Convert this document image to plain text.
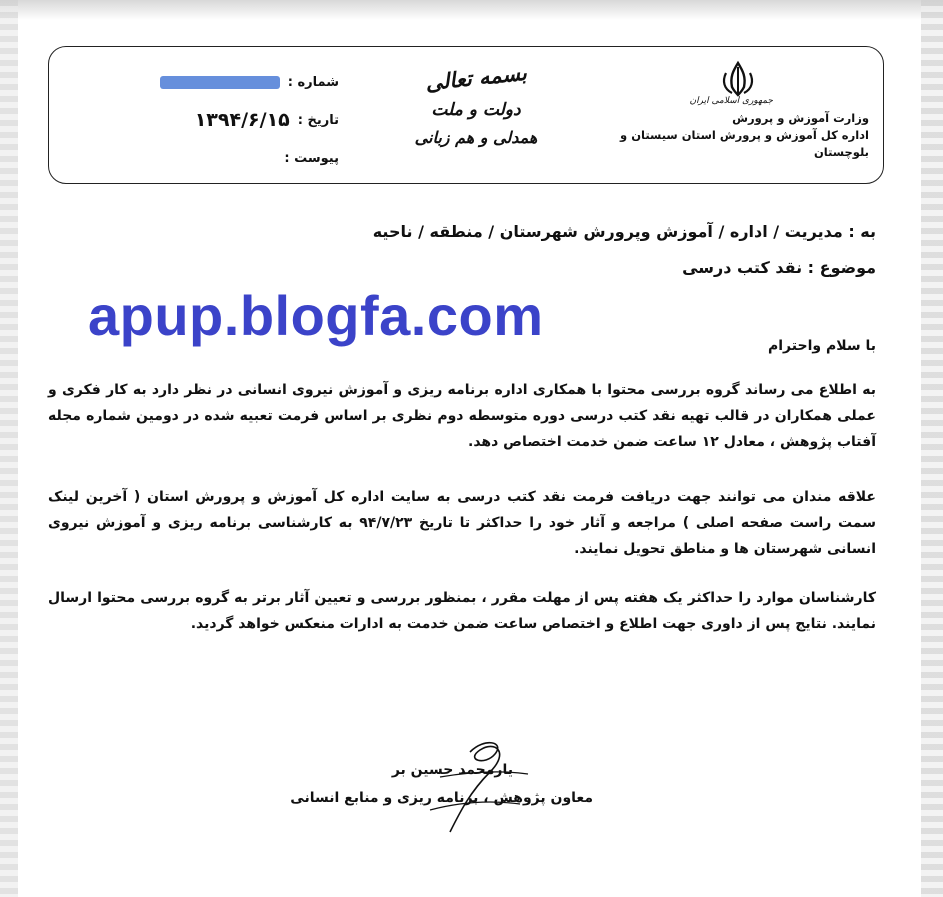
جمهوری اسلامی ایران
وزارت آموزش و پرورش
اداره کل آموزش و پرورش استان سیستان و بلوچستان
بسمه تعالی
دولت و ملت
همدلی و هم زبانی
شماره :
تاریخ :
۱۳۹۴/۶/۱۵
پیوست :
به : مدیریت / اداره / آموزش وپرورش شهرستان / منطقه / ناحیه
موضوع : نقد کتب درسی
apup.blogfa.com	با سلام واحترام
به اطلاع می رساند گروه بررسی محتوا با همکاری اداره برنامه ریزی و آموزش نیروی انسانی در نظر دارد به کار فکری و عملی همکاران در قالب تهیه نقد کتب درسی دوره متوسطه دوم نظری بر اساس فرمت تعبیه شده در دومین شماره مجله آفتاب پژوهش ، معادل ۱۲ ساعت ضمن خدمت اختصاص دهد.
علاقه مندان می توانند جهت دریافت فرمت نقد کتب درسی به سایت اداره کل آموزش و پرورش استان ( آخرین لینک سمت راست صفحه اصلی ) مراجعه و آثار خود را حداکثر تا تاریخ ۹۴/۷/۲۳ به کارشناسی برنامه ریزی و آموزش نیروی انسانی شهرستان ها و مناطق تحویل نمایند.
کارشناسان موارد را حداکثر یک هفته پس از مهلت مقرر ، بمنظور بررسی و تعیین آثار برتر به گروه بررسی محتوا ارسال نمایند. نتایج پس از داوری جهت اطلاع و اختصاص ساعت ضمن خدمت به ادارات منعکس خواهد گردید.
یارمحمد حسین بر
معاون پژوهش ، برنامه ریزی و منابع انسانی
